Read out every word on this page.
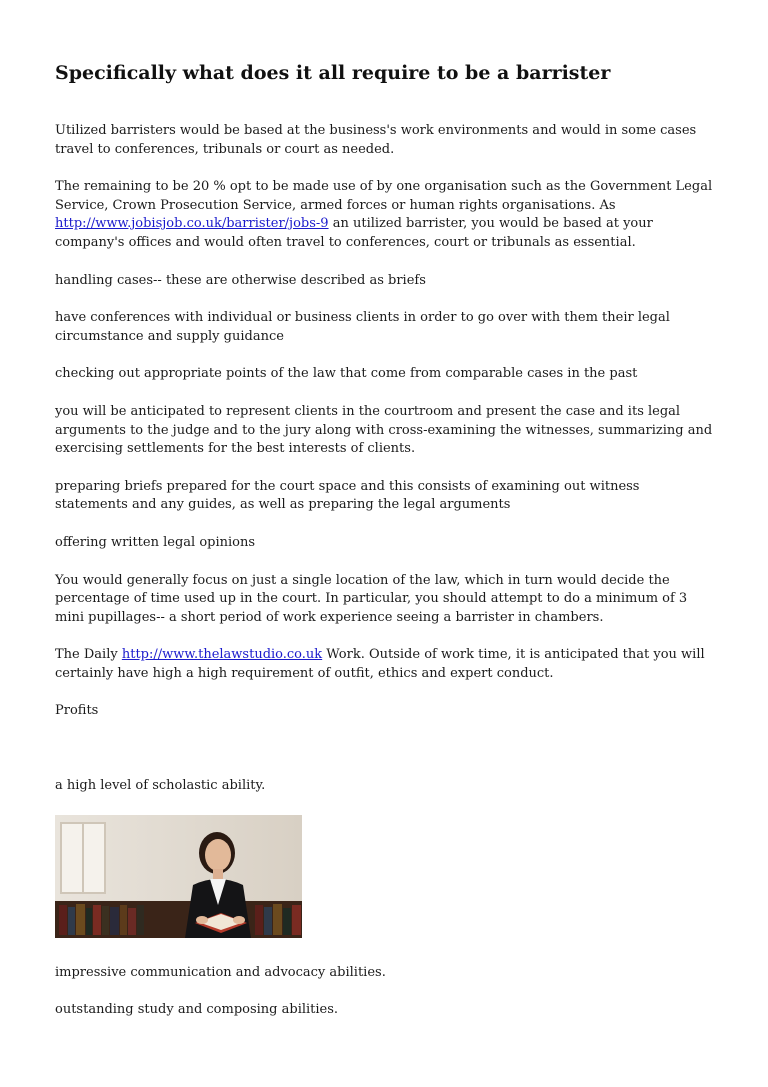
Specifically what does it all require to be a barrister

Utilized barristers would be based at the business's work environments and would in some cases travel to conferences, tribunals or court as needed.

The remaining to be 20 % opt to be made use of by one organisation such as the Government Legal Service, Crown Prosecution Service, armed forces or human rights organisations. As http://www.jobisjob.co.uk/barrister/jobs-9 an utilized barrister, you would be based at your company's offices and would often travel to conferences, court or tribunals as essential.

handling cases-- these are otherwise described as briefs

have conferences with individual or business clients in order to go over with them their legal circumstance and supply guidance

checking out appropriate points of the law that come from comparable cases in the past

you will be anticipated to represent clients in the courtroom and present the case and its legal arguments to the judge and to the jury along with cross-examining the witnesses, summarizing and exercising settlements for the best interests of clients.

preparing briefs prepared for the court space and this consists of examining out witness statements and any guides, as well as preparing the legal arguments

offering written legal opinions

You would generally focus on just a single location of the law, which in turn would decide the percentage of time used up in the court. In particular, you should attempt to do a minimum of 3 mini pupillages-- a short period of work experience seeing a barrister in chambers.

The Daily http://www.thelawstudio.co.uk Work. Outside of work time, it is anticipated that you will certainly have high a high requirement of outfit, ethics and expert conduct.

Profits

a high level of scholastic ability.

impressive communication and advocacy abilities.

outstanding study and composing abilities.
